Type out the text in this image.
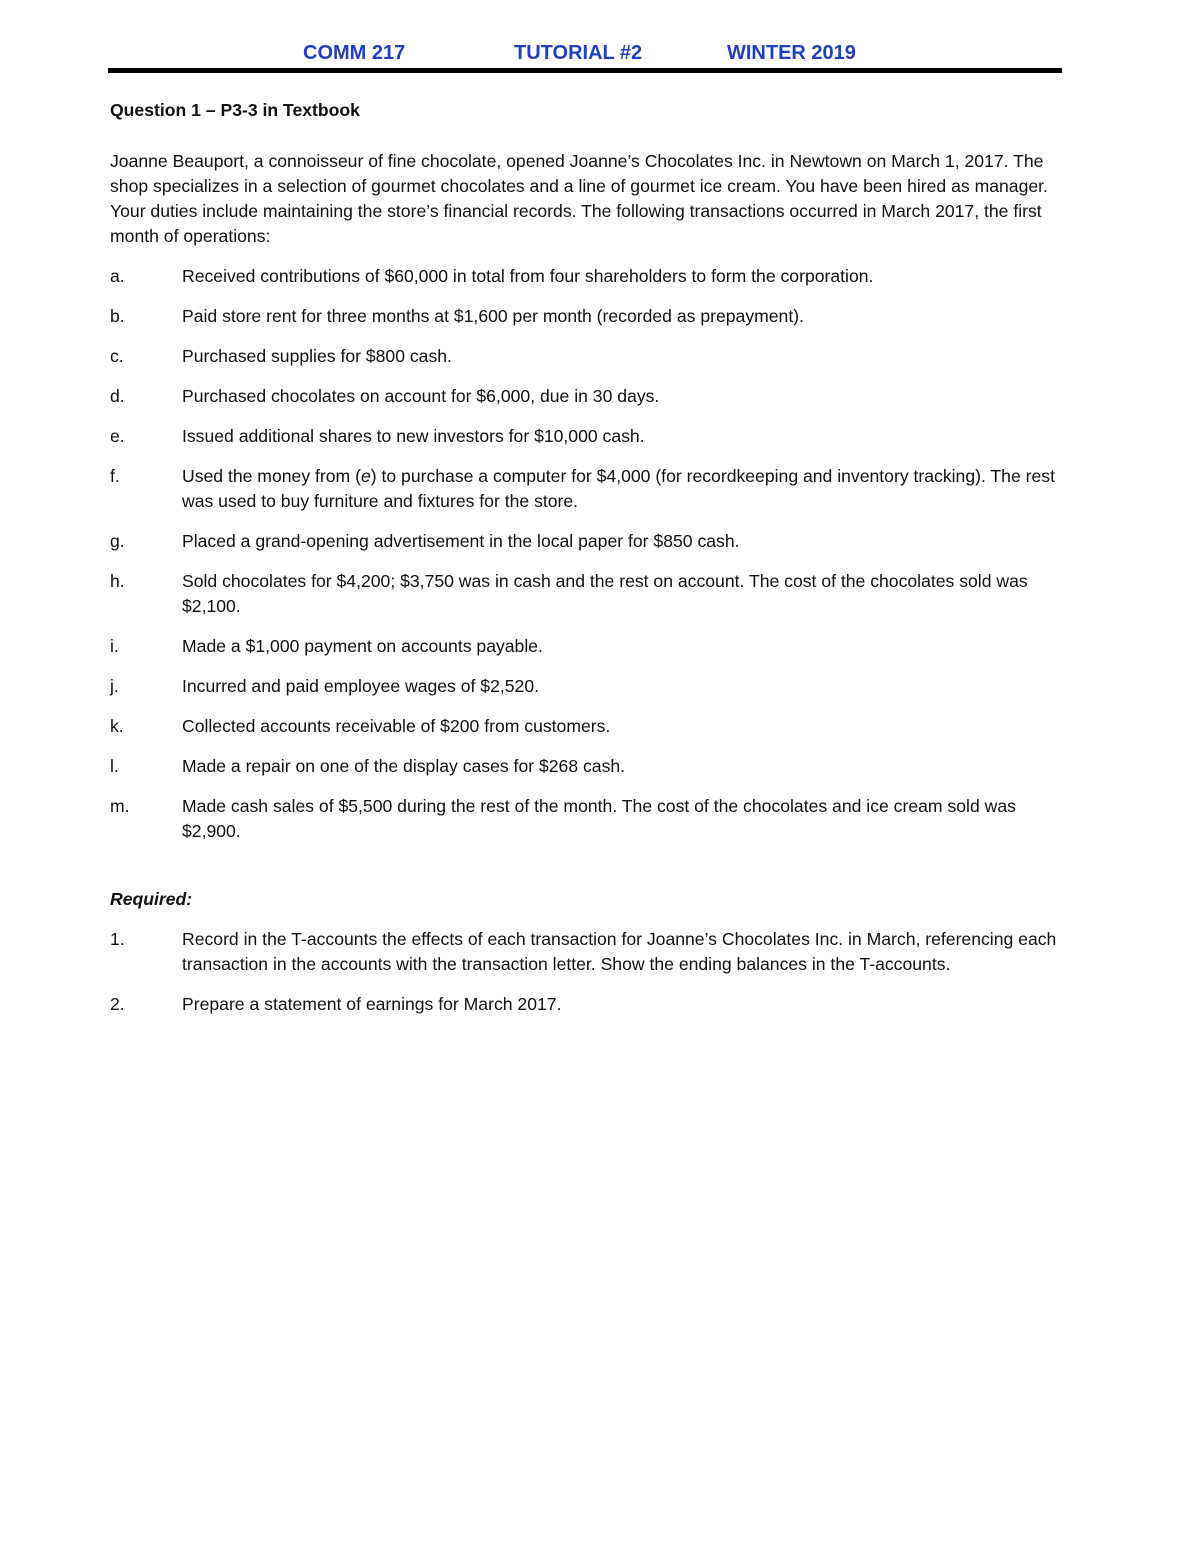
COMM 217	TUTORIAL #2	WINTER 2019
Question 1 – P3-3 in Textbook

Joanne Beauport, a connoisseur of fine chocolate, opened Joanne’s Chocolates Inc. in Newtown on March 1, 2017. The shop specializes in a selection of gourmet chocolates and a line of gourmet ice cream. You have been hired as manager. Your duties include maintaining the store’s financial records. The following transactions occurred in March 2017, the first month of operations:

a.	Received contributions of $60,000 in total from four shareholders to form the corporation.
b.	Paid store rent for three months at $1,600 per month (recorded as prepayment).
c.	Purchased supplies for $800 cash.
d.	Purchased chocolates on account for $6,000, due in 30 days.
e.	Issued additional shares to new investors for $10,000 cash.
f.	Used the money from (e) to purchase a computer for $4,000 (for recordkeeping and inventory tracking). The rest was used to buy furniture and fixtures for the store.
g.	Placed a grand-opening advertisement in the local paper for $850 cash.
h.	Sold chocolates for $4,200; $3,750 was in cash and the rest on account. The cost of the chocolates sold was $2,100.
i.	Made a $1,000 payment on accounts payable.
j.	Incurred and paid employee wages of $2,520.
k.	Collected accounts receivable of $200 from customers.
l.	Made a repair on one of the display cases for $268 cash.
m.	Made cash sales of $5,500 during the rest of the month. The cost of the chocolates and ice cream sold was $2,900.
Required:
1.	Record in the T-accounts the effects of each transaction for Joanne’s Chocolates Inc. in March, referencing each transaction in the accounts with the transaction letter. Show the ending balances in the T-accounts.
2.	Prepare a statement of earnings for March 2017.
